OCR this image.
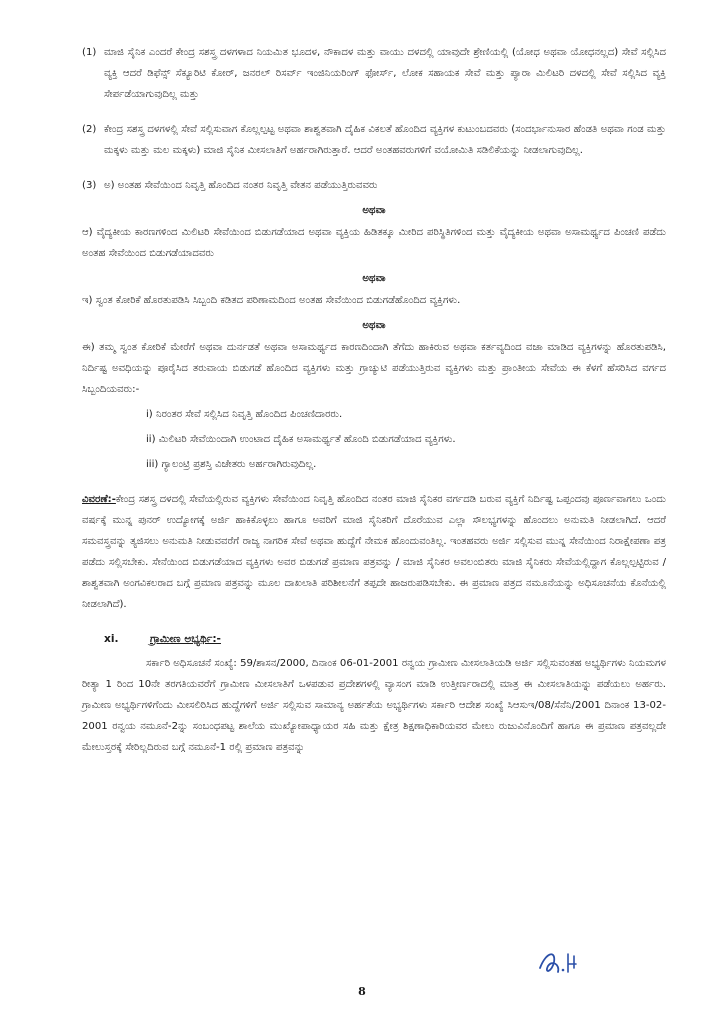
(1) ಮಾಜಿ ಸೈನಿಕ ಎಂದರೆ ಕೇಂದ್ರ ಸಶಸ್ತ್ರ ದಳಗಳಾದ ನಿಯಮಿತ ಭೂದಳ, ನೌಕಾದಳ ಮತ್ತು ವಾಯು ದಳದಲ್ಲಿ ಯಾವುದೇ ಶ್ರೇಣಿಯಲ್ಲಿ (ಯೋಧ ಅಥವಾ ಯೋಧನಲ್ಲದ) ಸೇವೆ ಸಲ್ಲಿಸಿದ ವ್ಯಕ್ತಿ ಆದರೆ ಡಿಫೆನ್ಸ್ ಸೆಕ್ಯೂರಿಟಿ ಕೋರ್, ಜನರಲ್ ರಿಸರ್ವ್ ಇಂಜಿನಿಯರಿಂಗ್ ಫೋರ್ಸ್, ಲೋಕ ಸಹಾಯಕ ಸೇವೆ ಮತ್ತು ಪ್ಯಾರಾ ಮಿಲಿಟರಿ ದಳದಲ್ಲಿ ಸೇವೆ ಸಲ್ಲಿಸಿದ ವ್ಯಕ್ತಿ ಸೇರ್ಪಡೆಯಾಗುವುದಿಲ್ಲ ಮತ್ತು

(2) ಕೇಂದ್ರ ಸಶಸ್ತ್ರ ದಳಗಳಲ್ಲಿ ಸೇವೆ ಸಲ್ಲಿಸುವಾಗ ಕೊಲ್ಲಲ್ಪಟ್ಟ ಅಥವಾ ಶಾಶ್ವತವಾಗಿ ದೈಹಿಕ ವಿಕಲತೆ ಹೊಂದಿದ ವ್ಯಕ್ತಿಗಳ ಕುಟುಂಬದವರು (ಸಂದರ್ಭಾನುಸಾರ ಹೆಂಡತಿ ಅಥವಾ ಗಂಡ ಮತ್ತು ಮಕ್ಕಳು ಮತ್ತು ಮಲ ಮಕ್ಕಳು) ಮಾಜಿ ಸೈನಿಕ ಮೀಸಲಾತಿಗೆ ಅರ್ಹರಾಗಿರುತ್ತಾರೆ. ಆದರೆ ಅಂತಹವರುಗಳಿಗೆ ವಯೋಮಿತಿ ಸಡಿಲಿಕೆಯನ್ನು ನೀಡಲಾಗುವುದಿಲ್ಲ.

(3) ಅ) ಅಂತಹ ಸೇವೆಯಿಂದ ನಿವೃತ್ತಿ ಹೊಂದಿದ ನಂತರ ನಿವೃತ್ತಿ ವೇತನ ಪಡೆಯುತ್ತಿರುವವರು

ಅಥವಾ

ಆ) ವೈದ್ಯಕೀಯ ಕಾರಣಗಳಿಂದ ಮಿಲಿಟರಿ ಸೇವೆಯಿಂದ ಬಿಡುಗಡೆಯಾದ ಅಥವಾ ವ್ಯಕ್ತಿಯ ಹಿಡಿತಕ್ಕೂ ಮೀರಿದ ಪರಿಸ್ಥಿತಿಗಳಿಂದ ಮತ್ತು ವೈದ್ಯಕೀಯ ಅಥವಾ ಅಸಾಮರ್ಥ್ಯದ ಪಿಂಚಣಿ ಪಡೆದು ಅಂತಹ ಸೇವೆಯಿಂದ ಬಿಡುಗಡೆಯಾದವರು

ಅಥವಾ

ಇ) ಸ್ವಂತ ಕೋರಿಕೆ ಹೊರತುಪಡಿಸಿ ಸಿಬ್ಬಂದಿ ಕಡಿತದ ಪರಿಣಾಮದಿಂದ ಅಂತಹ ಸೇವೆಯಿಂದ ಬಿಡುಗಡೆಹೊಂದಿದ ವ್ಯಕ್ತಿಗಳು.

ಅಥವಾ

ಈ) ತಮ್ಮ ಸ್ವಂತ ಕೋರಿಕೆ ಮೇರೆಗೆ ಅಥವಾ ದುರ್ನಡತೆ ಅಥವಾ ಅಸಾಮರ್ಥ್ಯದ ಕಾರಣದಿಂದಾಗಿ ತೆಗೆದು ಹಾಕಿರುವ ಅಥವಾ ಕರ್ತವ್ಯದಿಂದ ವಜಾ ಮಾಡಿದ ವ್ಯಕ್ತಿಗಳನ್ನು ಹೊರತುಪಡಿಸಿ, ನಿರ್ದಿಷ್ಟ ಅವಧಿಯನ್ನು ಪೂರೈಸಿದ ತರುವಾಯ ಬಿಡುಗಡೆ ಹೊಂದಿದ ವ್ಯಕ್ತಿಗಳು ಮತ್ತು ಗ್ರಾಚ್ಯುಟಿ ಪಡೆಯುತ್ತಿರುವ ವ್ಯಕ್ತಿಗಳು ಮತ್ತು ಪ್ರಾಂತೀಯ ಸೇವೆಯ ಈ ಕೆಳಗೆ ಹೆಸರಿಸಿದ ವರ್ಗದ ಸಿಬ್ಬಂದಿಯವರು:-

i) ನಿರಂತರ ಸೇವೆ ಸಲ್ಲಿಸಿದ ನಿವೃತ್ತಿ ಹೊಂದಿದ ಪಿಂಚಣಿದಾರರು.

ii) ಮಿಲಿಟರಿ ಸೇವೆಯಿಂದಾಗಿ ಉಂಟಾದ ದೈಹಿಕ ಅಸಾಮರ್ಥ್ಯತೆ ಹೊಂದಿ ಬಿಡುಗಡೆಯಾದ ವ್ಯಕ್ತಿಗಳು.

iii) ಗ್ಯಾಲಂಟ್ರಿ ಪ್ರಶಸ್ತಿ ವಿಜೇತರು ಅರ್ಹರಾಗಿರುವುದಿಲ್ಲ.

ವಿವರಣೆ:-ಕೇಂದ್ರ ಸಶಸ್ತ್ರ ದಳದಲ್ಲಿ ಸೇವೆಯಲ್ಲಿರುವ ವ್ಯಕ್ತಿಗಳು ಸೇವೆಯಿಂದ ನಿವೃತ್ತಿ ಹೊಂದಿದ ನಂತರ ಮಾಜಿ ಸೈನಿಕರ ವರ್ಗದಡಿ ಬರುವ ವ್ಯಕ್ತಿಗೆ ನಿರ್ದಿಷ್ಟ ಒಪ್ಪಂದವು ಪೂರ್ಣವಾಗಲು ಒಂದು ವರ್ಷಕ್ಕೆ ಮುನ್ನ ಪುನರ್ ಉದ್ಯೋಗಕ್ಕೆ ಅರ್ಜಿ ಹಾಕಿಕೊಳ್ಳಲು ಹಾಗೂ ಅವರಿಗೆ ಮಾಜಿ ಸೈನಿಕರಿಗೆ ದೊರೆಯುವ ಎಲ್ಲಾ ಸೌಲಭ್ಯಗಳನ್ನು ಹೊಂದಲು ಅನುಮತಿ ನೀಡಲಾಗಿದೆ. ಆದರೆ ಸಮವಸ್ತ್ರವನ್ನು ತ್ಯಜಿಸಲು ಅನುಮತಿ ನೀಡುವವರೆಗೆ ರಾಜ್ಯ ನಾಗರಿಕ ಸೇವೆ ಅಥವಾ ಹುದ್ದೆಗೆ ನೇಮಕ ಹೊಂದುವಂತಿಲ್ಲ. ಇಂತಹವರು ಅರ್ಜಿ ಸಲ್ಲಿಸುವ ಮುನ್ನ ಸೇನೆಯಿಂದ ನಿರಾಕ್ಷೇಪಣಾ ಪತ್ರ ಪಡೆದು ಸಲ್ಲಿಸಬೇಕು. ಸೇನೆಯಿಂದ ಬಿಡುಗಡೆಯಾದ ವ್ಯಕ್ತಿಗಳು ಅವರ ಬಿಡುಗಡೆ ಪ್ರಮಾಣ ಪತ್ರವನ್ನು / ಮಾಜಿ ಸೈನಿಕರ ಅವಲಂಬಿತರು ಮಾಜಿ ಸೈನಿಕರು ಸೇವೆಯಲ್ಲಿದ್ದಾಗ ಕೊಲ್ಲಲ್ಪಟ್ಟಿರುವ / ಶಾಶ್ವತವಾಗಿ ಅಂಗವಿಕಲರಾದ ಬಗ್ಗೆ ಪ್ರಮಾಣ ಪತ್ರವನ್ನು ಮೂಲ ದಾಖಲಾತಿ ಪರಿಶೀಲನೆಗೆ ತಪ್ಪದೇ ಹಾಜರುಪಡಿಸಬೇಕು. ಈ ಪ್ರಮಾಣ ಪತ್ರದ ನಮೂನೆಯನ್ನು ಅಧಿಸೂಚನೆಯ ಕೊನೆಯಲ್ಲಿ ನೀಡಲಾಗಿದೆ).

xi.	ಗ್ರಾಮೀಣ ಅಭ್ಯರ್ಥಿ:-

ಸರ್ಕಾರಿ ಅಧಿಸೂಚನೆ ಸಂಖ್ಯೆ: 59/ಶಾಸನ/2000, ದಿನಾಂಕ 06-01-2001 ರನ್ವಯ ಗ್ರಾಮೀಣ ಮೀಸಲಾತಿಯಡಿ ಅರ್ಜಿ ಸಲ್ಲಿಸುವಂತಹ ಅಭ್ಯರ್ಥಿಗಳು ನಿಯಮಗಳ ರೀತ್ಯಾ 1 ರಿಂದ 10ನೇ ತರಗತಿಯವರೆಗೆ ಗ್ರಾಮೀಣ ಮೀಸಲಾತಿಗೆ ಒಳಪಡುವ ಪ್ರದೇಶಗಳಲ್ಲಿ ವ್ಯಾಸಂಗ ಮಾಡಿ ಉತ್ತೀರ್ಣರಾದಲ್ಲಿ ಮಾತ್ರ ಈ ಮೀಸಲಾತಿಯನ್ನು ಪಡೆಯಲು ಅರ್ಹರು. ಗ್ರಾಮೀಣ ಅಭ್ಯರ್ಥಿಗಳಿಗೆಂದು ಮೀಸಲಿರಿಸಿದ ಹುದ್ದೆಗಳಿಗೆ ಅರ್ಜಿ ಸಲ್ಲಿಸುವ ಸಾಮಾನ್ಯ ಅರ್ಹತೆಯ ಅಭ್ಯರ್ಥಿಗಳು ಸರ್ಕಾರಿ ಆದೇಶ ಸಂಖ್ಯೆ ಸಿಆಸುಇ/08/ಸೆನೆನಿ/2001 ದಿನಾಂಕ 13-02-2001 ರನ್ವಯ ನಮೂನೆ-2ನ್ನು ಸಂಬಂಧಪಟ್ಟ ಶಾಲೆಯ ಮುಖ್ಯೋಪಾಧ್ಯಾಯರ ಸಹಿ ಮತ್ತು ಕ್ಷೇತ್ರ ಶಿಕ್ಷಣಾಧಿಕಾರಿಯವರ ಮೇಲು ರುಜುವಿನೊಂದಿಗೆ ಹಾಗೂ ಈ ಪ್ರಮಾಣ ಪತ್ರವಲ್ಲದೇ ಮೇಲುಸ್ತರಕ್ಕೆ ಸೇರಿಲ್ಲದಿರುವ ಬಗ್ಗೆ ನಮೂನೆ-1 ರಲ್ಲಿ ಪ್ರಮಾಣ ಪತ್ರವನ್ನು

8
